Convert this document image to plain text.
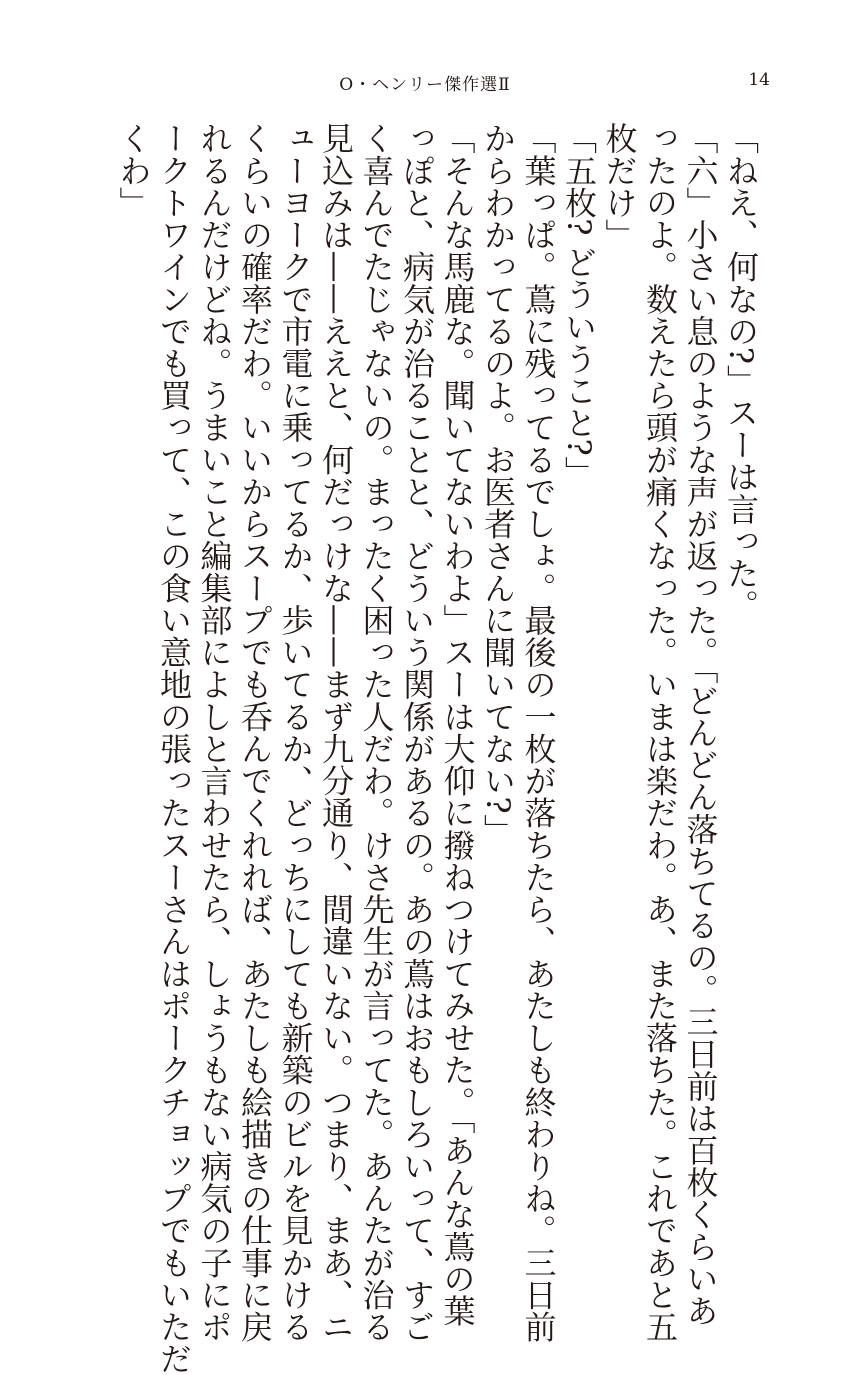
O・ヘンリー傑作選Ⅱ	14
「ねえ、何なの?」スーは言った。
「六」小さい息のような声が返った。「どんどん落ちてるの。三日前は百枚くらいあ
ったのよ。数えたら頭が痛くなった。いまは楽だわ。あ、また落ちた。これであと五
枚だけ」
「五枚? どういうこと?」
「葉っぱ。蔦に残ってるでしょ。最後の一枚が落ちたら、あたしも終わりね。三日前
からわかってるのよ。お医者さんに聞いてない?」
「そんな馬鹿な。聞いてないわよ」スーは大仰に撥ねつけてみせた。「あんな蔦の葉
っぽと、病気が治ることと、どういう関係があるの。あの蔦はおもしろいって、すご
く喜んでたじゃないの。まったく困った人だわ。けさ先生が言ってた。あんたが治る
見込みは——ええと、何だっけな——まず九分通り、間違いない。つまり、まあ、ニ
ューヨークで市電に乗ってるか、歩いてるか、どっちにしても新築のビルを見かける
くらいの確率だわ。いいからスープでも呑んでくれれば、あたしも絵描きの仕事に戻
れるんだけどね。うまいこと編集部によしと言わせたら、しょうもない病気の子にポ
ークトワインでも買って、この食い意地の張ったスーさんはポークチョップでもいただ
くわ」
